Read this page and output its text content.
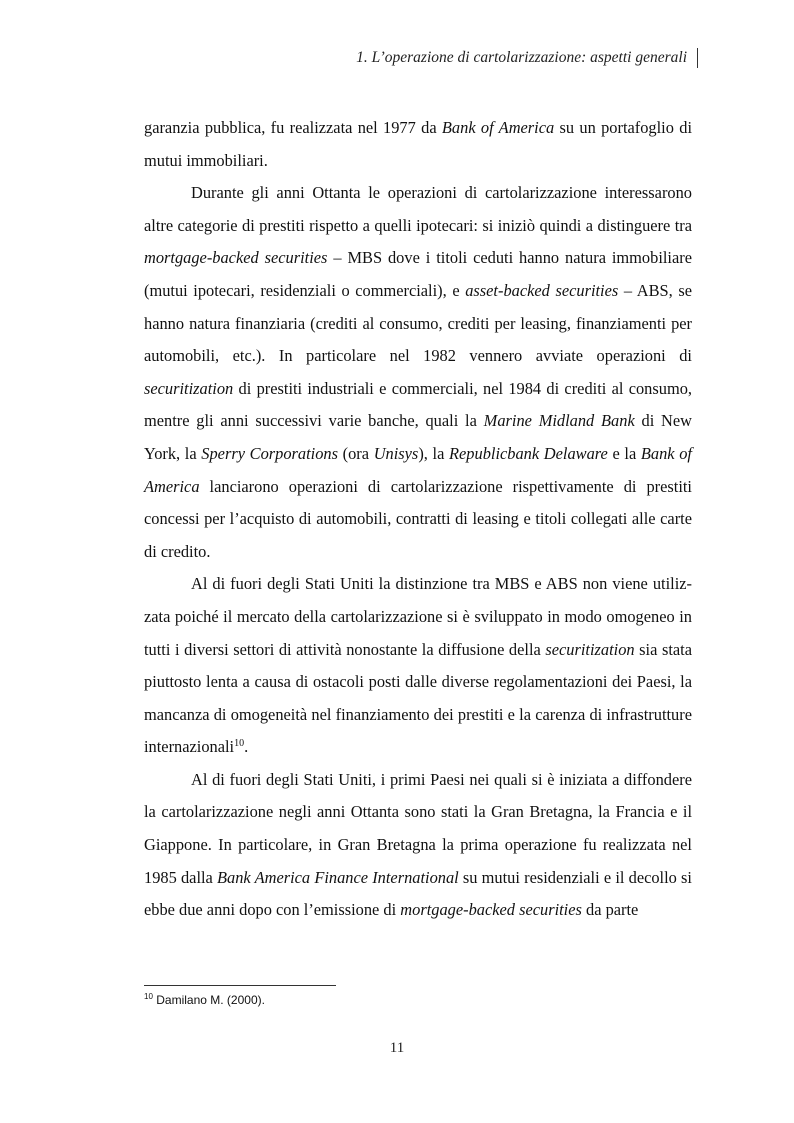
1. L’operazione di cartolarizzazione: aspetti generali

garanzia pubblica, fu realizzata nel 1977 da Bank of America su un portafoglio di mutui immobiliari.

Durante gli anni Ottanta le operazioni di cartolarizzazione interessarono altre categorie di prestiti rispetto a quelli ipotecari: si iniziò quindi a distinguere tra mortgage-backed securities – MBS dove i titoli ceduti hanno natura immobiliare (mutui ipotecari, residenziali o commerciali), e asset-backed securities – ABS, se hanno natura finanziaria (crediti al consumo, crediti per leasing, finanziamenti per automobili, etc.). In particolare nel 1982 vennero avviate operazioni di securitization di prestiti industriali e commerciali, nel 1984 di crediti al consumo, mentre gli anni successivi varie banche, quali la Marine Midland Bank di New York, la Sperry Corporations (ora Unisys), la Republicbank Delaware e la Bank of America lanciarono operazioni di cartolarizzazione rispettivamente di prestiti concessi per l’acquisto di automobili, contratti di leasing e titoli collegati alle carte di credito.

Al di fuori degli Stati Uniti la distinzione tra MBS e ABS non viene utilizzata poiché il mercato della cartolarizzazione si è sviluppato in modo omogeneo in tutti i diversi settori di attività nonostante la diffusione della securitization sia stata piuttosto lenta a causa di ostacoli posti dalle diverse regolamentazioni dei Paesi, la mancanza di omogeneità nel finanziamento dei prestiti e la carenza di infrastrutture internazionali$^{10}$.

Al di fuori degli Stati Uniti, i primi Paesi nei quali si è iniziata a diffondere la cartolarizzazione negli anni Ottanta sono stati la Gran Bretagna, la Francia e il Giappone. In particolare, in Gran Bretagna la prima operazione fu realizzata nel 1985 dalla Bank America Finance International su mutui residenziali e il decollo si ebbe due anni dopo con l’emissione di mortgage-backed securities da parte

$^{10}$ Damilano M. (2000).
11
